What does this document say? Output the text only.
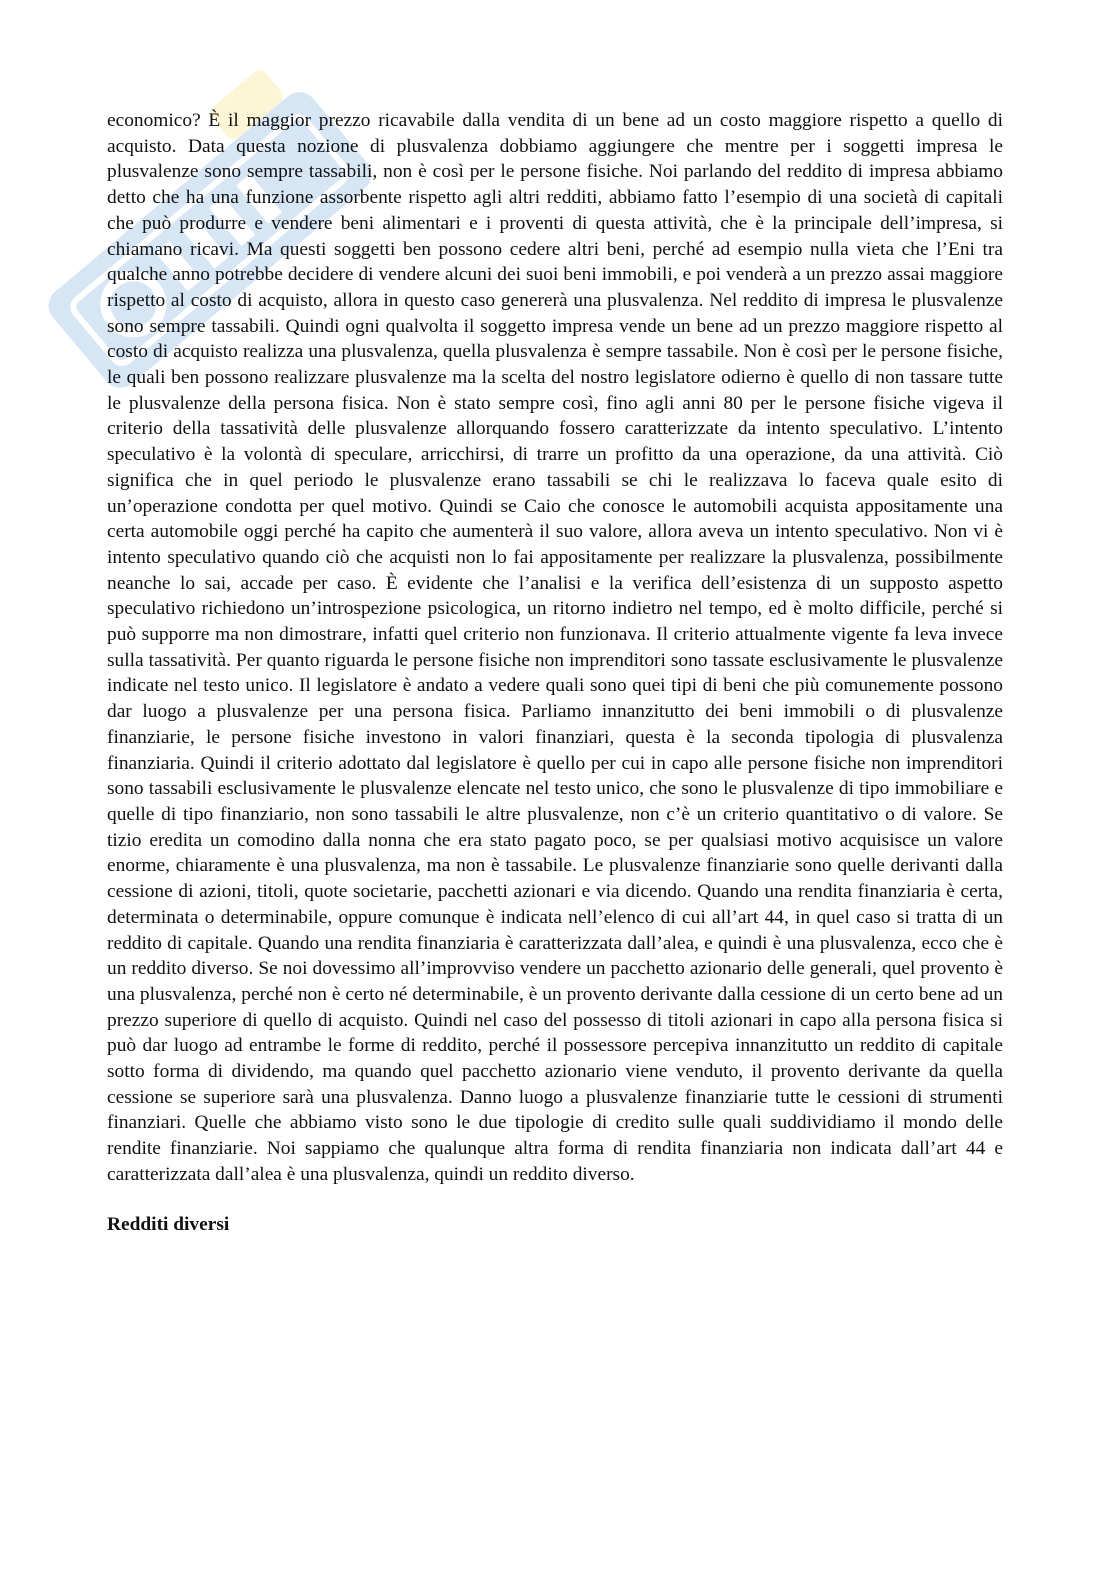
economico? È il maggior prezzo ricavabile dalla vendita di un bene ad un costo maggiore rispetto a quello di acquisto. Data questa nozione di plusvalenza dobbiamo aggiungere che mentre per i soggetti impresa le plusvalenze sono sempre tassabili, non è così per le persone fisiche. Noi parlando del reddito di impresa abbiamo detto che ha una funzione assorbente rispetto agli altri redditi, abbiamo fatto l’esempio di una società di capitali che può produrre e vendere beni alimentari e i proventi di questa attività, che è la principale dell’impresa, si chiamano ricavi. Ma questi soggetti ben possono cedere altri beni, perché ad esempio nulla vieta che l’Eni tra qualche anno potrebbe decidere di vendere alcuni dei suoi beni immobili, e poi venderà a un prezzo assai maggiore rispetto al costo di acquisto, allora in questo caso genererà una plusvalenza. Nel reddito di impresa le plusvalenze sono sempre tassabili. Quindi ogni qualvolta il soggetto impresa vende un bene ad un prezzo maggiore rispetto al costo di acquisto realizza una plusvalenza, quella plusvalenza è sempre tassabile. Non è così per le persone fisiche, le quali ben possono realizzare plusvalenze ma la scelta del nostro legislatore odierno è quello di non tassare tutte le plusvalenze della persona fisica. Non è stato sempre così, fino agli anni 80 per le persone fisiche vigeva il criterio della tassatività delle plusvalenze allorquando fossero caratterizzate da intento speculativo. L’intento speculativo è la volontà di speculare, arricchirsi, di trarre un profitto da una operazione, da una attività. Ciò significa che in quel periodo le plusvalenze erano tassabili se chi le realizzava lo faceva quale esito di un’operazione condotta per quel motivo. Quindi se Caio che conosce le automobili acquista appositamente una certa automobile oggi perché ha capito che aumenterà il suo valore, allora aveva un intento speculativo. Non vi è intento speculativo quando ciò che acquisti non lo fai appositamente per realizzare la plusvalenza, possibilmente neanche lo sai, accade per caso. È evidente che l’analisi e la verifica dell’esistenza di un supposto aspetto speculativo richiedono un’introspezione psicologica, un ritorno indietro nel tempo, ed è molto difficile, perché si può supporre ma non dimostrare, infatti quel criterio non funzionava. Il criterio attualmente vigente fa leva invece sulla tassatività. Per quanto riguarda le persone fisiche non imprenditori sono tassate esclusivamente le plusvalenze indicate nel testo unico. Il legislatore è andato a vedere quali sono quei tipi di beni che più comunemente possono dar luogo a plusvalenze per una persona fisica. Parliamo innanzitutto dei beni immobili o di plusvalenze finanziarie, le persone fisiche investono in valori finanziari, questa è la seconda tipologia di plusvalenza finanziaria. Quindi il criterio adottato dal legislatore è quello per cui in capo alle persone fisiche non imprenditori sono tassabili esclusivamente le plusvalenze elencate nel testo unico, che sono le plusvalenze di tipo immobiliare e quelle di tipo finanziario, non sono tassabili le altre plusvalenze, non c’è un criterio quantitativo o di valore. Se tizio eredita un comodino dalla nonna che era stato pagato poco, se per qualsiasi motivo acquisisce un valore enorme, chiaramente è una plusvalenza, ma non è tassabile. Le plusvalenze finanziarie sono quelle derivanti dalla cessione di azioni, titoli, quote societarie, pacchetti azionari e via dicendo. Quando una rendita finanziaria è certa, determinata o determinabile, oppure comunque è indicata nell’elenco di cui all’art 44, in quel caso si tratta di un reddito di capitale. Quando una rendita finanziaria è caratterizzata dall’alea, e quindi è una plusvalenza, ecco che è un reddito diverso. Se noi dovessimo all’improvviso vendere un pacchetto azionario delle generali, quel provento è una plusvalenza, perché non è certo né determinabile, è un provento derivante dalla cessione di un certo bene ad un prezzo superiore di quello di acquisto. Quindi nel caso del possesso di titoli azionari in capo alla persona fisica si può dar luogo ad entrambe le forme di reddito, perché il possessore percepiva innanzitutto un reddito di capitale sotto forma di dividendo, ma quando quel pacchetto azionario viene venduto, il provento derivante da quella cessione se superiore sarà una plusvalenza. Danno luogo a plusvalenze finanziarie tutte le cessioni di strumenti finanziari. Quelle che abbiamo visto sono le due tipologie di credito sulle quali suddividiamo il mondo delle rendite finanziarie. Noi sappiamo che qualunque altra forma di rendita finanziaria non indicata dall’art 44 e caratterizzata dall’alea è una plusvalenza, quindi un reddito diverso.

Redditi diversi
